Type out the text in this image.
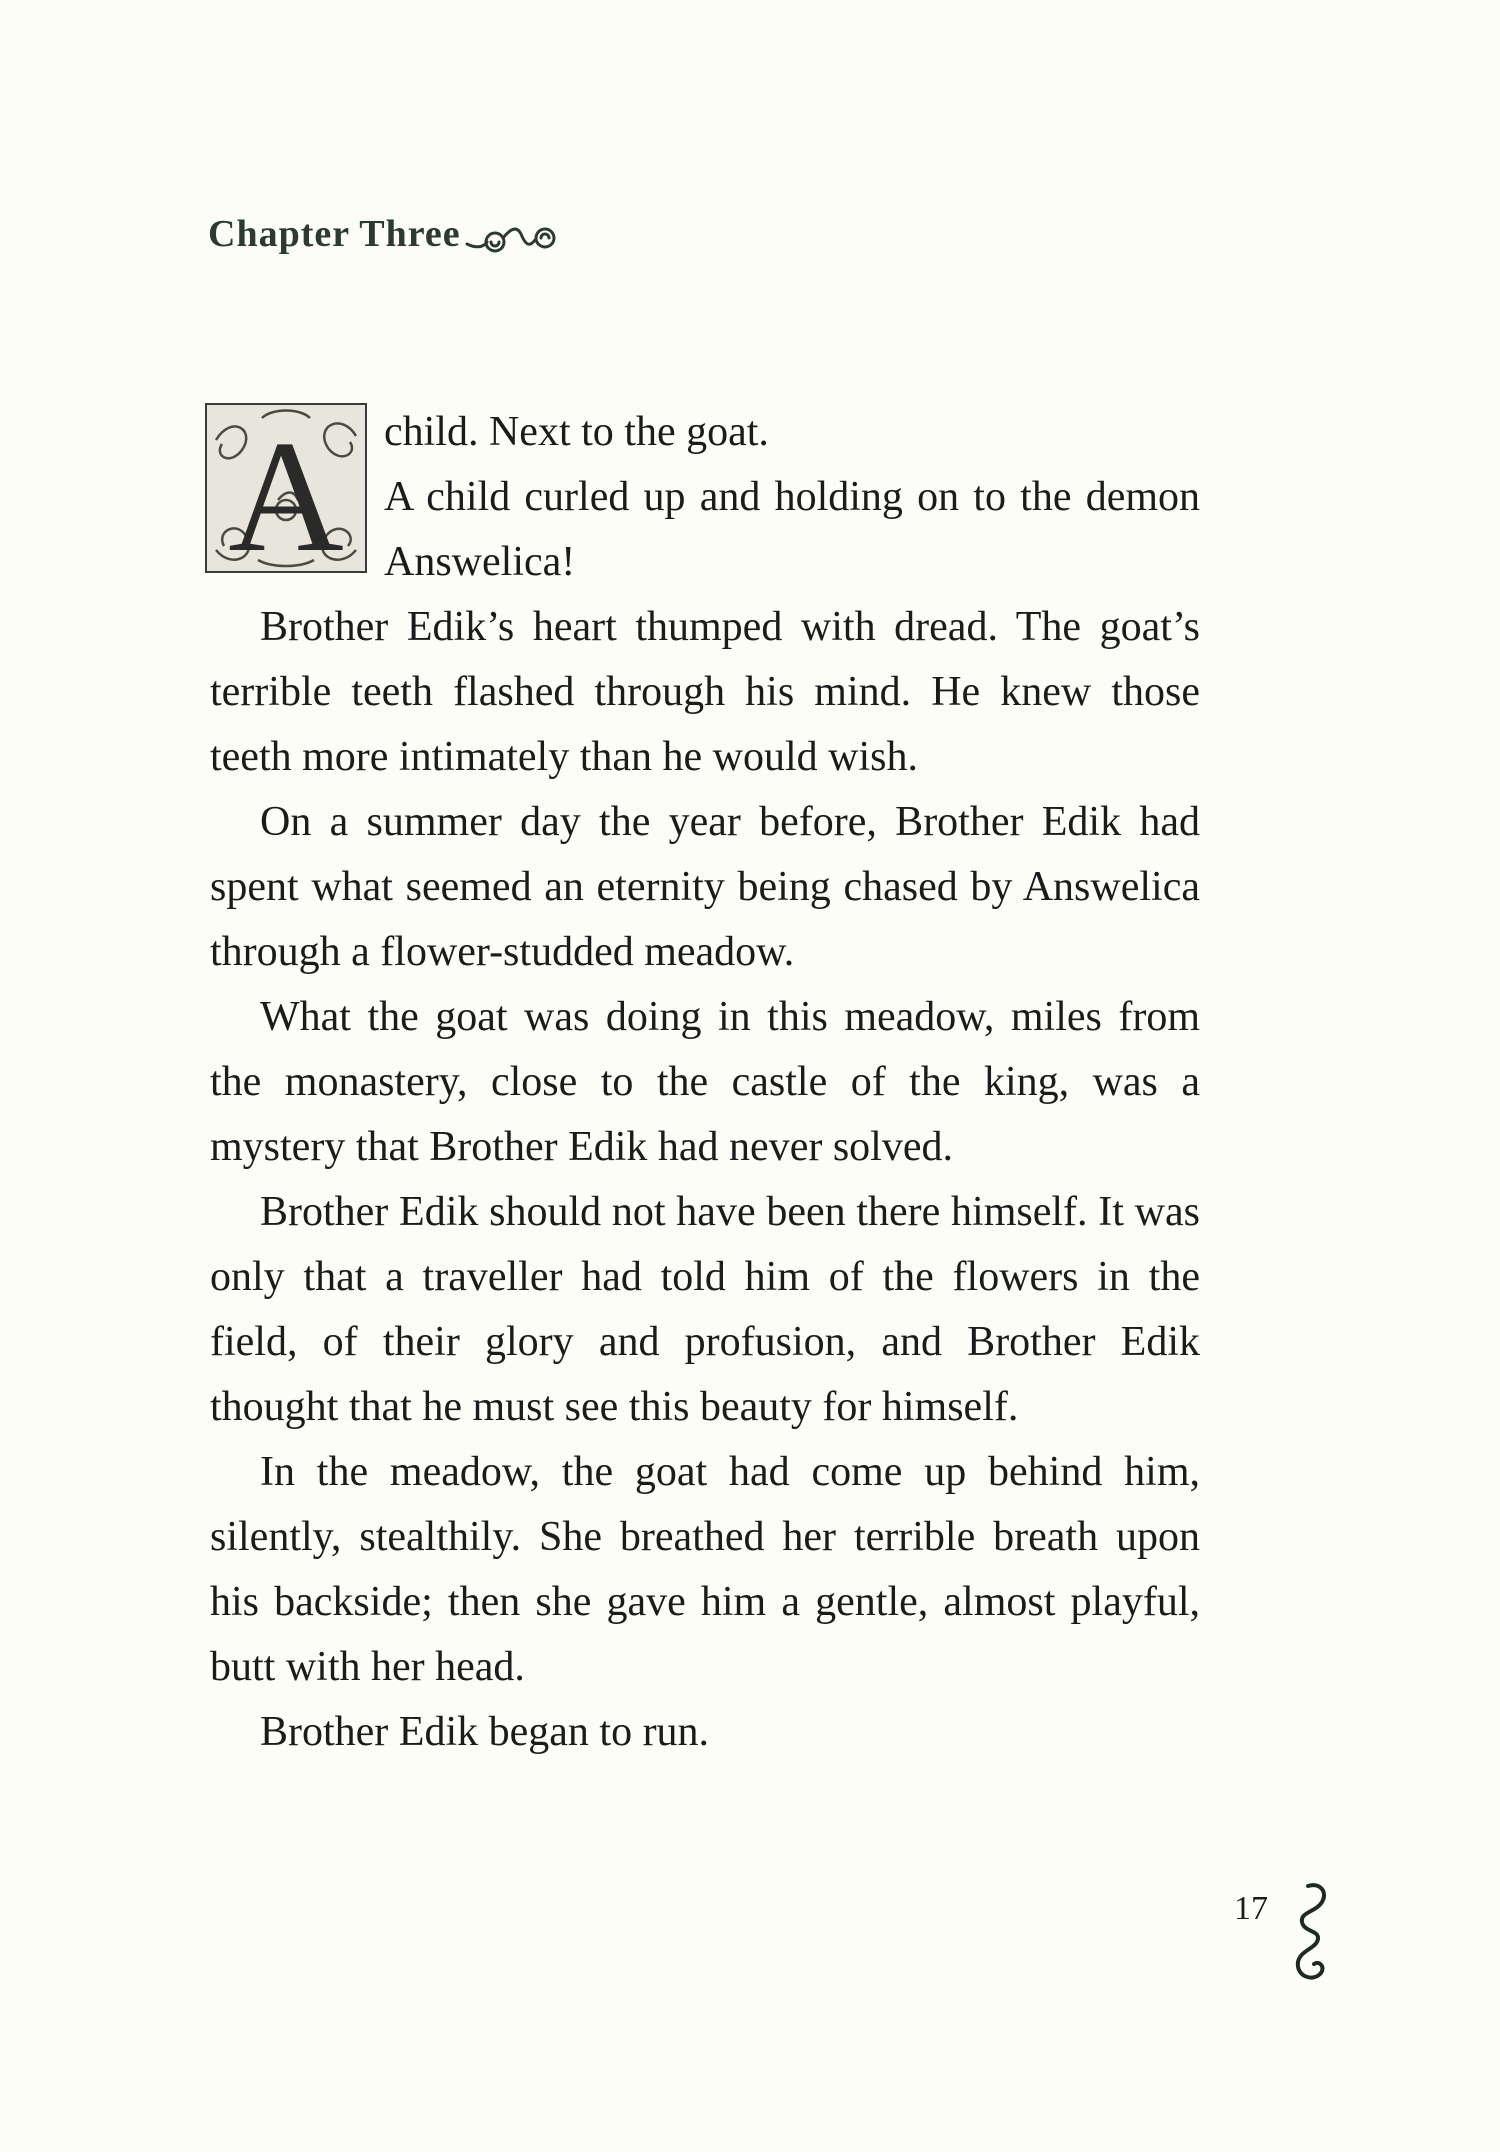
Chapter Three

A child. Next to the goat.
A child curled up and holding on to the demon Answelica!

Brother Edik’s heart thumped with dread. The goat’s terrible teeth flashed through his mind. He knew those teeth more intimately than he would wish.

On a summer day the year before, Brother Edik had spent what seemed an eternity being chased by Answelica through a flower-studded meadow.

What the goat was doing in this meadow, miles from the monastery, close to the castle of the king, was a mystery that Brother Edik had never solved.

Brother Edik should not have been there himself. It was only that a traveller had told him of the flowers in the field, of their glory and profusion, and Brother Edik thought that he must see this beauty for himself.

In the meadow, the goat had come up behind him, silently, stealthily. She breathed her terrible breath upon his backside; then she gave him a gentle, almost playful, butt with her head.

Brother Edik began to run.

17
